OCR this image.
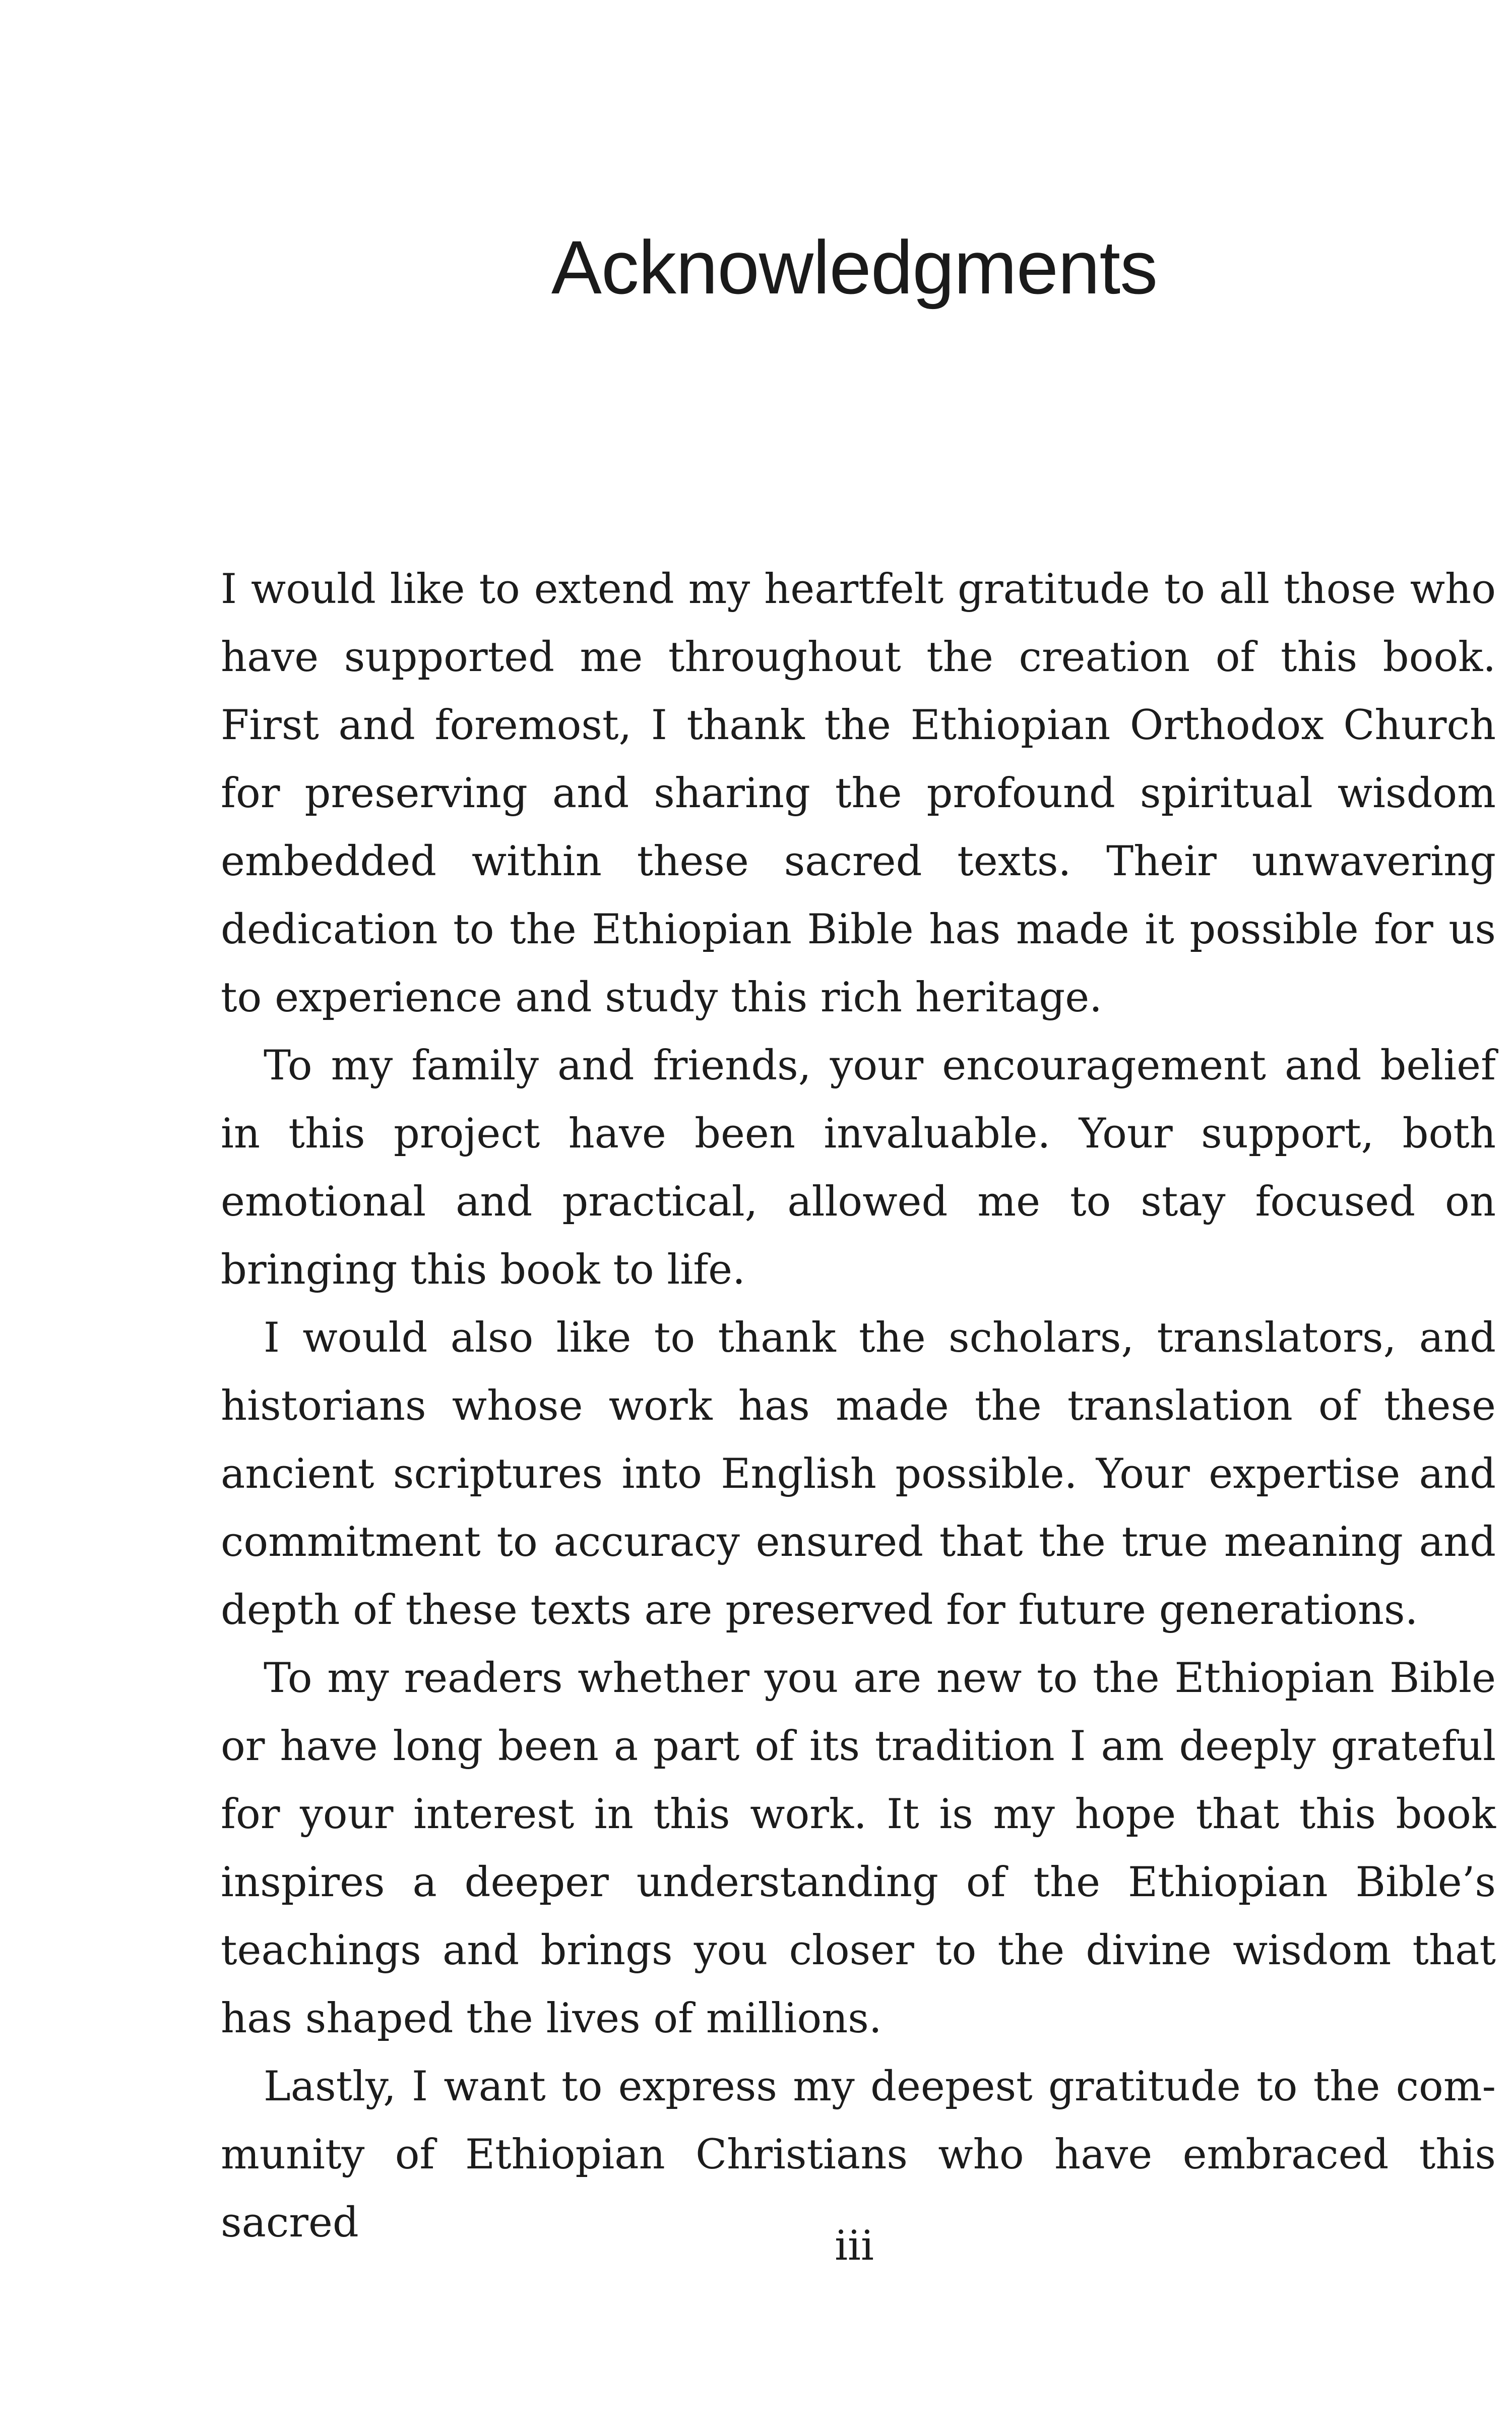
Acknowledgments

I would like to extend my heartfelt gratitude to all those who have supported me throughout the creation of this book. First and foremost, I thank the Ethiopian Orthodox Church for preserving and sharing the profound spiritual wisdom embedded within these sacred texts. Their unwavering dedication to the Ethiopian Bible has made it possible for us to experience and study this rich heritage.

To my family and friends, your encouragement and belief in this project have been invaluable. Your support, both emotional and practical, allowed me to stay focused on bringing this book to life.

I would also like to thank the scholars, translators, and historians whose work has made the translation of these ancient scriptures into English possible. Your expertise and commitment to accuracy ensured that the true meaning and depth of these texts are preserved for future generations.

To my readers whether you are new to the Ethiopian Bible or have long been a part of its tradition I am deeply grateful for your interest in this work. It is my hope that this book inspires a deeper understanding of the Ethiopian Bible’s teachings and brings you closer to the divine wisdom that has shaped the lives of millions.

Lastly, I want to express my deepest gratitude to the community of Ethiopian Christians who have embraced this sacred	iii
